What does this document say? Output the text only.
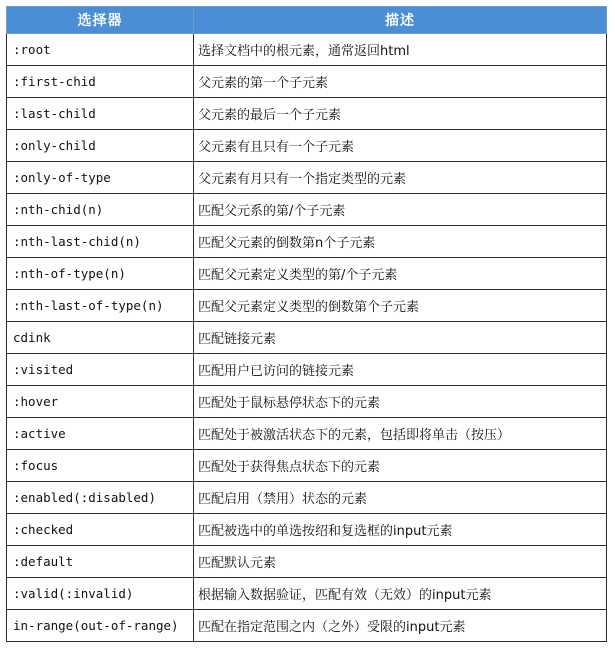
选择器	描述
:root	选择文档中的根元素，通常返回html
:first-chid	父元素的第一个子元素
:last-child	父元素的最后一个子元素
:only-child	父元素有且只有一个子元素
:only-of-type	父元素有月只有一个指定类型的元素
:nth-chid(n)	匹配父元系的第/个子元素
:nth-last-chid(n)	匹配父元素的倒数第n个子元素
:nth-of-type(n)	匹配父元素定义类型的第/个子元素
:nth-last-of-type(n)	匹配父元素定义类型的倒数第个子元素
cdink	匹配链接元素
:visited	匹配用户已访问的链接元素
:hover	匹配处于鼠标悬停状态下的元素
:active	匹配处于被激活状态下的元素，包括即将单击（按压）
:focus	匹配处于获得焦点状态下的元素
:enabled(:disabled)	匹配启用（禁用）状态的元素
:checked	匹配被选中的单选按绍和复选框的input元素
:default	匹配默认元素
:valid(:invalid)	根据输入数据验证，匹配有效（无效）的input元素
in-range(out-of-range)	匹配在指定范围之内（之外）受限的input元素
